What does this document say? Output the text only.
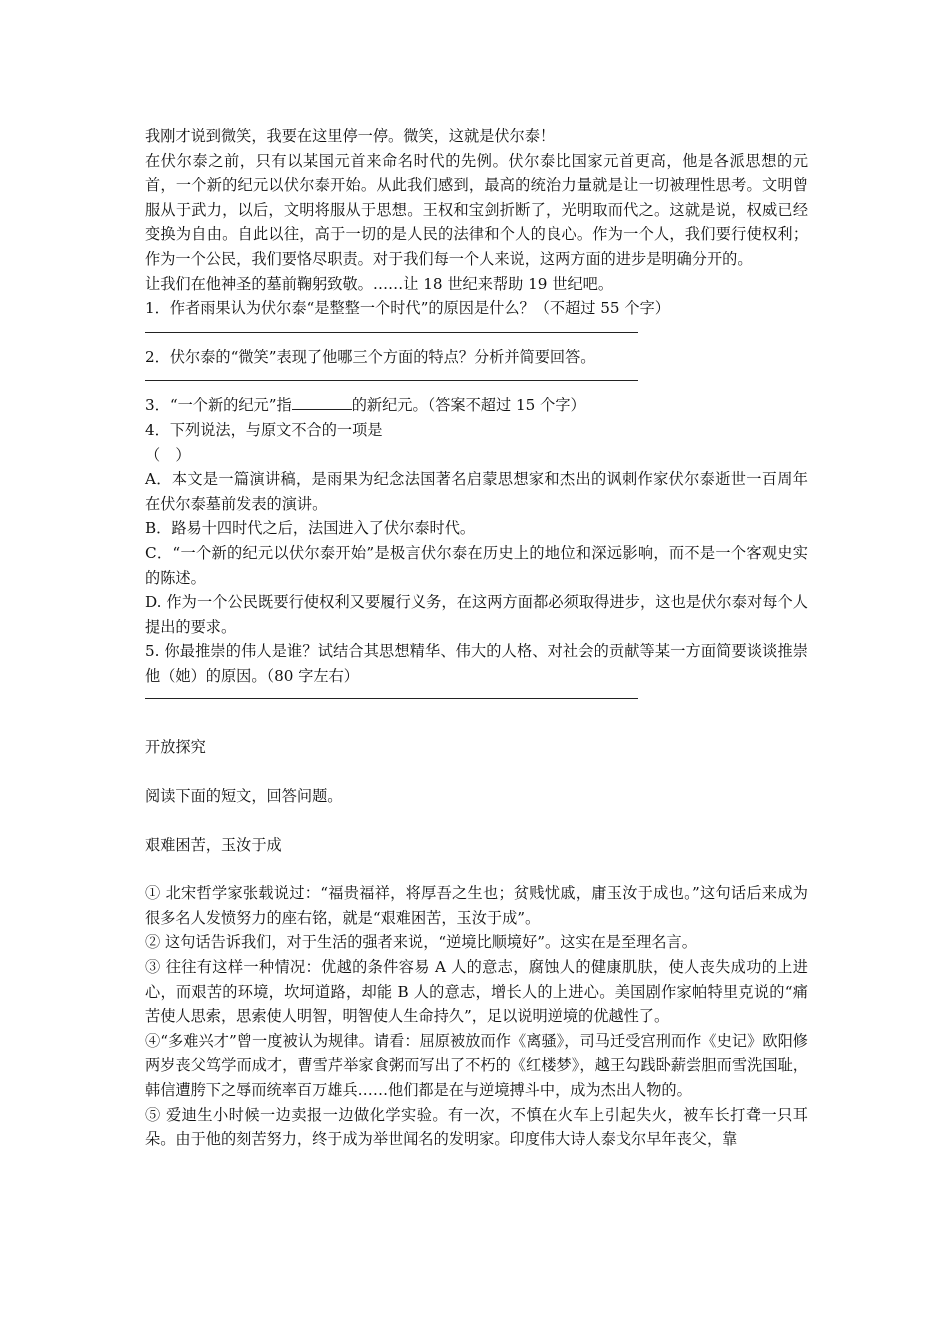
我刚才说到微笑，我要在这里停一停。微笑，这就是伏尔泰！

在伏尔泰之前，只有以某国元首来命名时代的先例。伏尔泰比国家元首更高，他是各派思想的元首，一个新的纪元以伏尔泰开始。从此我们感到，最高的统治力量就是让一切被理性思考。文明曾服从于武力，以后，文明将服从于思想。王权和宝剑折断了，光明取而代之。这就是说，权威已经变换为自由。自此以往，高于一切的是人民的法律和个人的良心。作为一个人，我们要行使权利；作为一个公民，我们要恪尽职责。对于我们每一个人来说，这两方面的进步是明确分开的。

让我们在他神圣的墓前鞠躬致敬。……让 18 世纪来帮助 19 世纪吧。

1．作者雨果认为伏尔泰“是整整一个时代”的原因是什么？（不超过 55 个字）

2．伏尔泰的“微笑”表现了他哪三个方面的特点？分析并简要回答。

3．“一个新的纪元”指	的新纪元。（答案不超过 15 个字）

4．下列说法，与原文不合的一项是

（　）

A．本文是一篇演讲稿，是雨果为纪念法国著名启蒙思想家和杰出的讽刺作家伏尔泰逝世一百周年在伏尔泰墓前发表的演讲。

B．路易十四时代之后，法国进入了伏尔泰时代。

C．“一个新的纪元以伏尔泰开始”是极言伏尔泰在历史上的地位和深远影响，而不是一个客观史实的陈述。

D. 作为一个公民既要行使权利又要履行义务，在这两方面都必须取得进步，这也是伏尔泰对每个人提出的要求。

5. 你最推崇的伟人是谁？试结合其思想精华、伟大的人格、对社会的贡献等某一方面简要谈谈推崇他（她）的原因。（80 字左右）

开放探究

阅读下面的短文，回答问题。

艰难困苦，玉汝于成

① 北宋哲学家张载说过：“福贵福祥，将厚吾之生也；贫贱忧戚，庸玉汝于成也。”这句话后来成为很多名人发愤努力的座右铭，就是“艰难困苦，玉汝于成”。

② 这句话告诉我们，对于生活的强者来说，“逆境比顺境好”。这实在是至理名言。

③ 往往有这样一种情况：优越的条件容易 A 人的意志，腐蚀人的健康肌肤，使人丧失成功的上进心，而艰苦的环境，坎坷道路，却能 B 人的意志，增长人的上进心。美国剧作家帕特里克说的“痛苦使人思索，思索使人明智，明智使人生命持久”，足以说明逆境的优越性了。

④“多难兴才”曾一度被认为规律。请看：屈原被放而作《离骚》，司马迁受宫刑而作《史记》欧阳修两岁丧父笃学而成才，曹雪芹举家食粥而写出了不朽的《红楼梦》，越王勾践卧薪尝胆而雪洗国耻，韩信遭胯下之辱而统率百万雄兵……他们都是在与逆境搏斗中，成为杰出人物的。

⑤ 爱迪生小时候一边卖报一边做化学实验。有一次，不慎在火车上引起失火，被车长打聋一只耳朵。由于他的刻苦努力，终于成为举世闻名的发明家。印度伟大诗人泰戈尔早年丧父，靠
